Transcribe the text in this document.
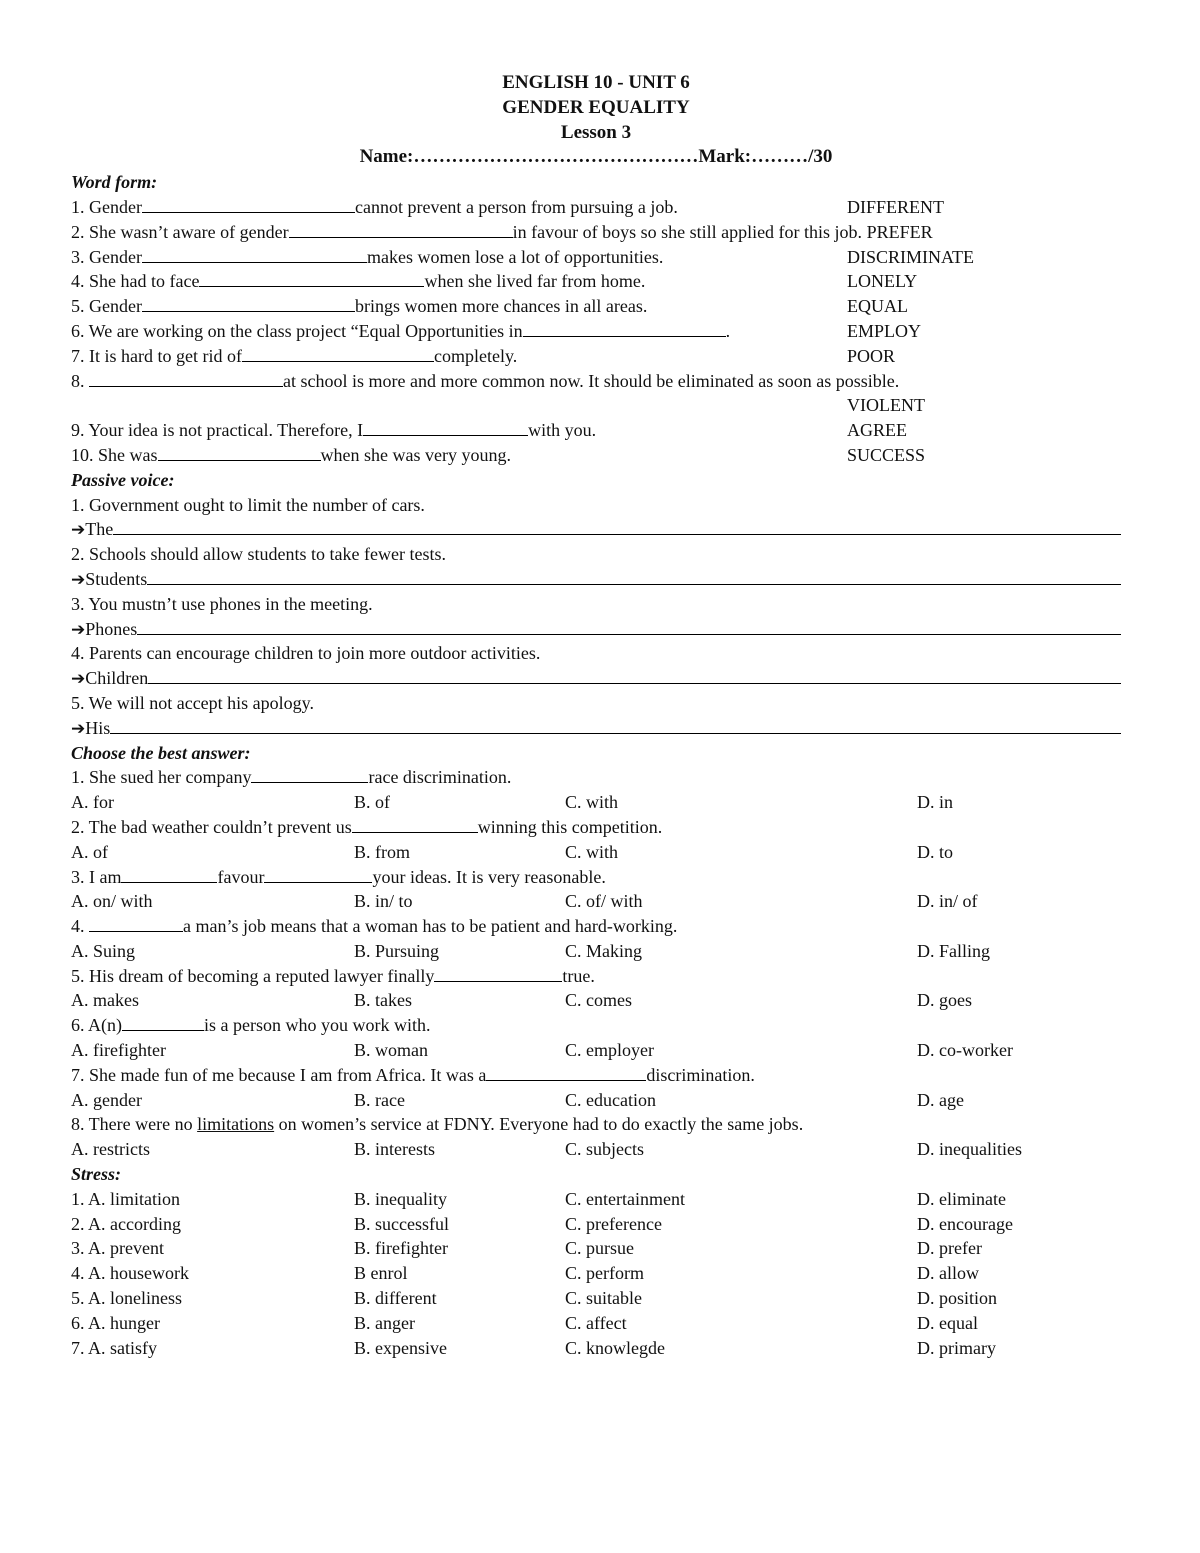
ENGLISH 10 - UNIT 6
GENDER EQUALITY
Lesson 3
Name:………………………………………Mark:………/30
Word form:
1. Gender	cannot prevent a person from pursuing a job.	DIFFERENT
2. She wasn’t aware of gender	in favour of boys so she still applied for this job. PREFER
3. Gender	makes women lose a lot of opportunities.	DISCRIMINATE
4. She had to face	when she lived far from home.	LONELY
5. Gender	brings women more chances in all areas.	EQUAL
6. We are working on the class project “Equal Opportunities in	.	EMPLOY
7. It is hard to get rid of	completely.	POOR
8.	at school is more and more common now. It should be eliminated as soon as possible.
VIOLENT
9. Your idea is not practical. Therefore, I	with you.	AGREE
10. She was	when she was very young.	SUCCESS
Passive voice:
1. Government ought to limit the number of cars.
➔ The
2. Schools should allow students to take fewer tests.
➔ Students
3. You mustn’t use phones in the meeting.
➔ Phones
4. Parents can encourage children to join more outdoor activities.
➔ Children
5. We will not accept his apology.
➔ His
Choose the best answer:
1. She sued her company	race discrimination.
A. for	B. of	C. with	D. in
2. The bad weather couldn’t prevent us	winning this competition.
A. of	B. from	C. with	D. to
3. I am	favour	your ideas. It is very reasonable.
A. on/ with	B. in/ to	C. of/ with	D. in/ of
4.	a man’s job means that a woman has to be patient and hard-working.
A. Suing	B. Pursuing	C. Making	D. Falling
5. His dream of becoming a reputed lawyer finally	true.
A. makes	B. takes	C. comes	D. goes
6. A(n)	is a person who you work with.
A. firefighter	B. woman	C. employer	D. co-worker
7. She made fun of me because I am from Africa. It was a	discrimination.
A. gender	B. race	C. education	D. age
8. There were no limitations on women’s service at FDNY. Everyone had to do exactly the same jobs.
A. restricts	B. interests	C. subjects	D. inequalities
Stress:
1. A. limitation	B. inequality	C. entertainment	D. eliminate
2. A. according	B. successful	C. preference	D. encourage
3. A. prevent	B. firefighter	C. pursue	D. prefer
4. A. housework	B enrol	C. perform	D. allow
5. A. loneliness	B. different	C. suitable	D. position
6. A. hunger	B. anger	C. affect	D. equal
7. A. satisfy	B. expensive	C. knowlegde	D. primary
